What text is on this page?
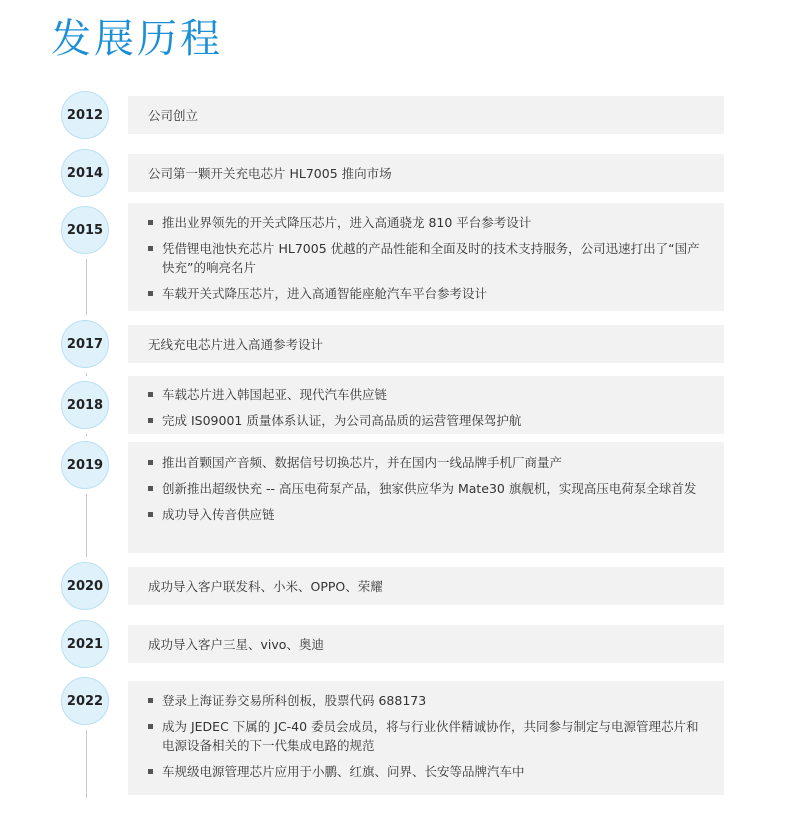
发展历程
2012	公司创立
2014	公司第一颗开关充电芯片 HL7005 推向市场
2015	推出业界领先的开关式降压芯片，进入高通骁龙 810 平台参考设计
凭借锂电池快充芯片 HL7005 优越的产品性能和全面及时的技术支持服务，公司迅速打出了“国产快充”的响亮名片
车载开关式降压芯片，进入高通智能座舱汽车平台参考设计
2017	无线充电芯片进入高通参考设计
2018
车载芯片进入韩国起亚、现代汽车供应链
完成 IS09001 质量体系认证，为公司高品质的运营管理保驾护航
2019	推出首颗国产音频、数据信号切换芯片，并在国内一线品牌手机厂商量产
创新推出超级快充 -- 高压电荷泵产品，独家供应华为 Mate30 旗舰机，实现高压电荷泵全球首发
成功导入传音供应链
2020	成功导入客户联发科、小米、OPPO、荣耀
2021	成功导入客户三星、vivo、奥迪
2022	登录上海证券交易所科创板，股票代码 688173
成为 JEDEC 下属的 JC-40 委员会成员，将与行业伙伴精诚协作，共同参与制定与电源管理芯片和电源设备相关的下一代集成电路的规范
车规级电源管理芯片应用于小鹏、红旗、问界、长安等品牌汽车中
